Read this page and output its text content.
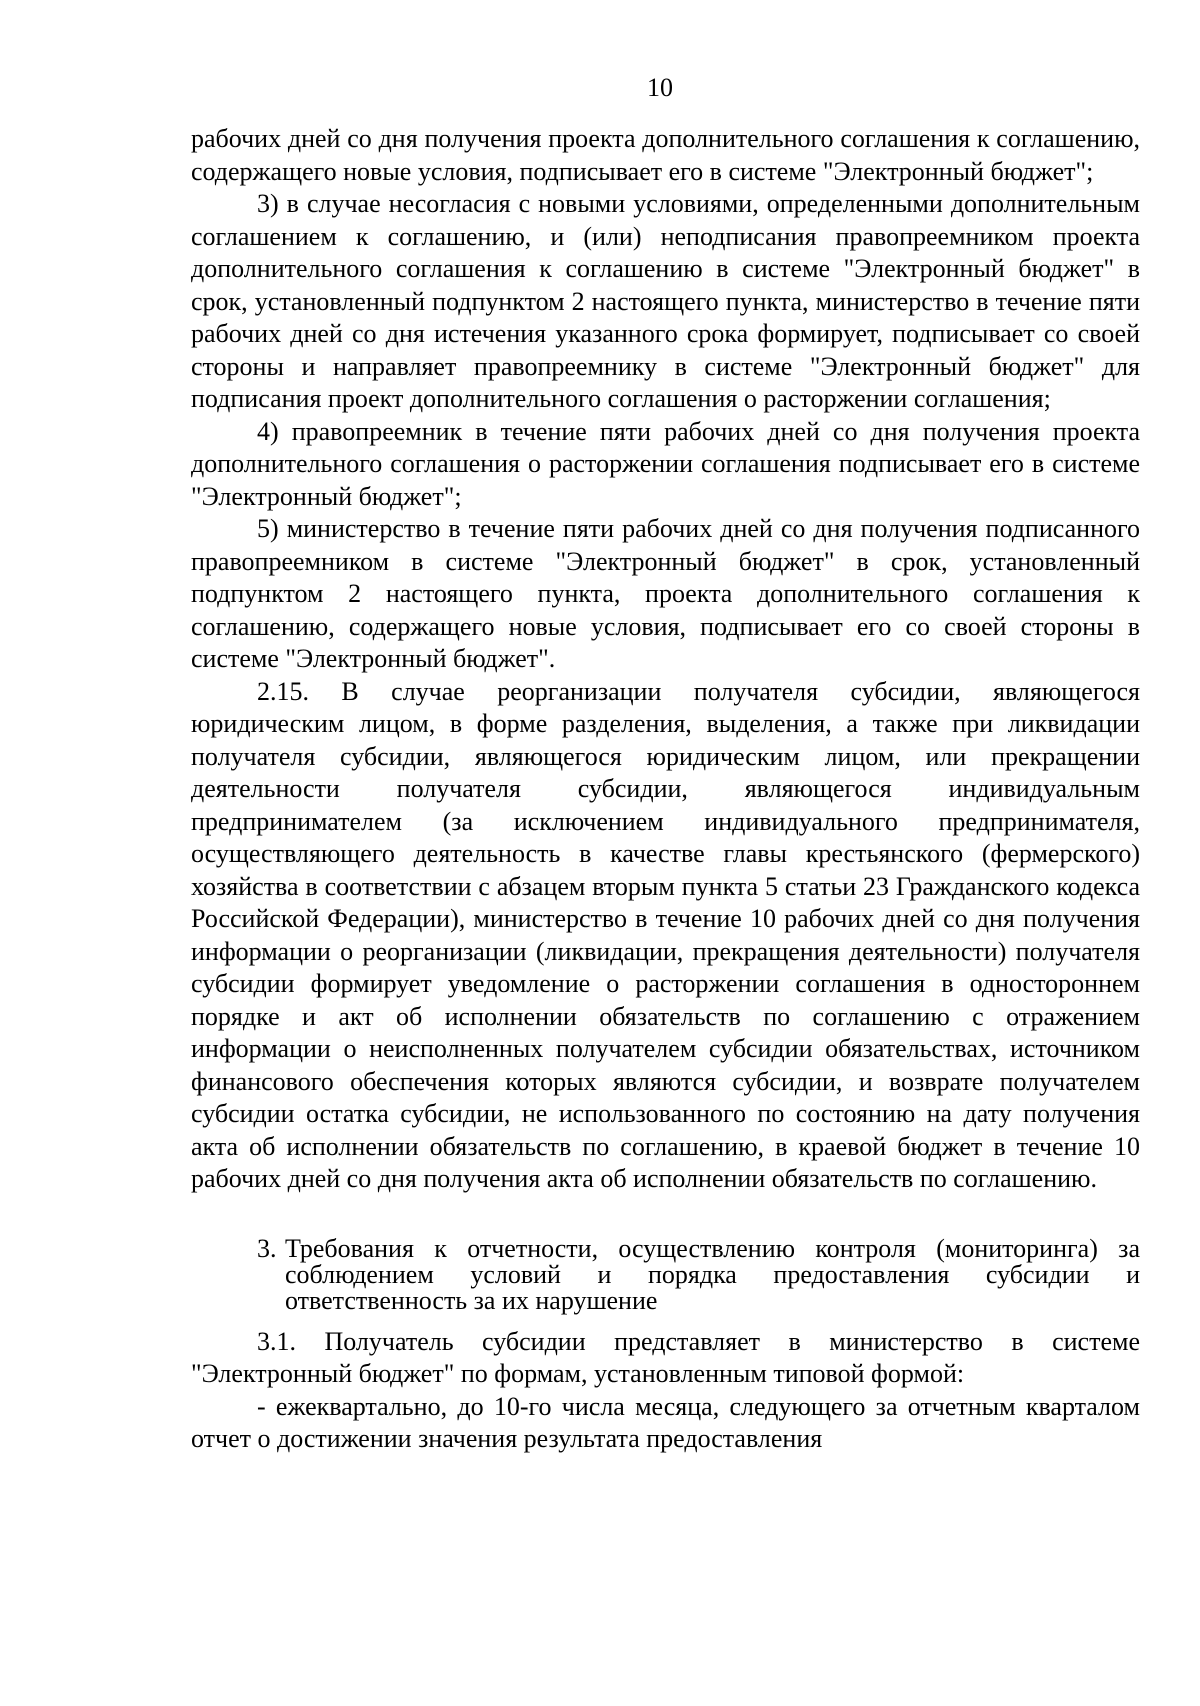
10

рабочих дней со дня получения проекта дополнительного соглашения к соглашению, содержащего новые условия, подписывает его в системе "Электронный бюджет";

3) в случае несогласия с новыми условиями, определенными дополнительным соглашением к соглашению, и (или) неподписания правопреемником проекта дополнительного соглашения к соглашению в системе "Электронный бюджет" в срок, установленный подпунктом 2 настоящего пункта, министерство в течение пяти рабочих дней со дня истечения указанного срока формирует, подписывает со своей стороны и направляет правопреемнику в системе "Электронный бюджет" для подписания проект дополнительного соглашения о расторжении соглашения;

4) правопреемник в течение пяти рабочих дней со дня получения проекта дополнительного соглашения о расторжении соглашения подписывает его в системе "Электронный бюджет";

5) министерство в течение пяти рабочих дней со дня получения подписанного правопреемником в системе "Электронный бюджет" в срок, установленный подпунктом 2 настоящего пункта, проекта дополнительного соглашения к соглашению, содержащего новые условия, подписывает его со своей стороны в системе "Электронный бюджет".

2.15. В случае реорганизации получателя субсидии, являющегося юридическим лицом, в форме разделения, выделения, а также при ликвидации получателя субсидии, являющегося юридическим лицом, или прекращении деятельности получателя субсидии, являющегося индивидуальным предпринимателем (за исключением индивидуального предпринимателя, осуществляющего деятельность в качестве главы крестьянского (фермерского) хозяйства в соответствии с абзацем вторым пункта 5 статьи 23 Гражданского кодекса Российской Федерации), министерство в течение 10 рабочих дней со дня получения информации о реорганизации (ликвидации, прекращения деятельности) получателя субсидии формирует уведомление о расторжении соглашения в одностороннем порядке и акт об исполнении обязательств по соглашению с отражением информации о неисполненных получателем субсидии обязательствах, источником финансового обеспечения которых являются субсидии, и возврате получателем субсидии остатка субсидии, не использованного по состоянию на дату получения акта об исполнении обязательств по соглашению, в краевой бюджет в течение 10 рабочих дней со дня получения акта об исполнении обязательств по соглашению.

3. Требования к отчетности, осуществлению контроля (мониторинга) за соблюдением условий и порядка предоставления субсидии и ответственность за их нарушение

3.1. Получатель субсидии представляет в министерство в системе "Электронный бюджет" по формам, установленным типовой формой:

- ежеквартально, до 10-го числа месяца, следующего за отчетным кварталом отчет о достижении значения результата предоставления
